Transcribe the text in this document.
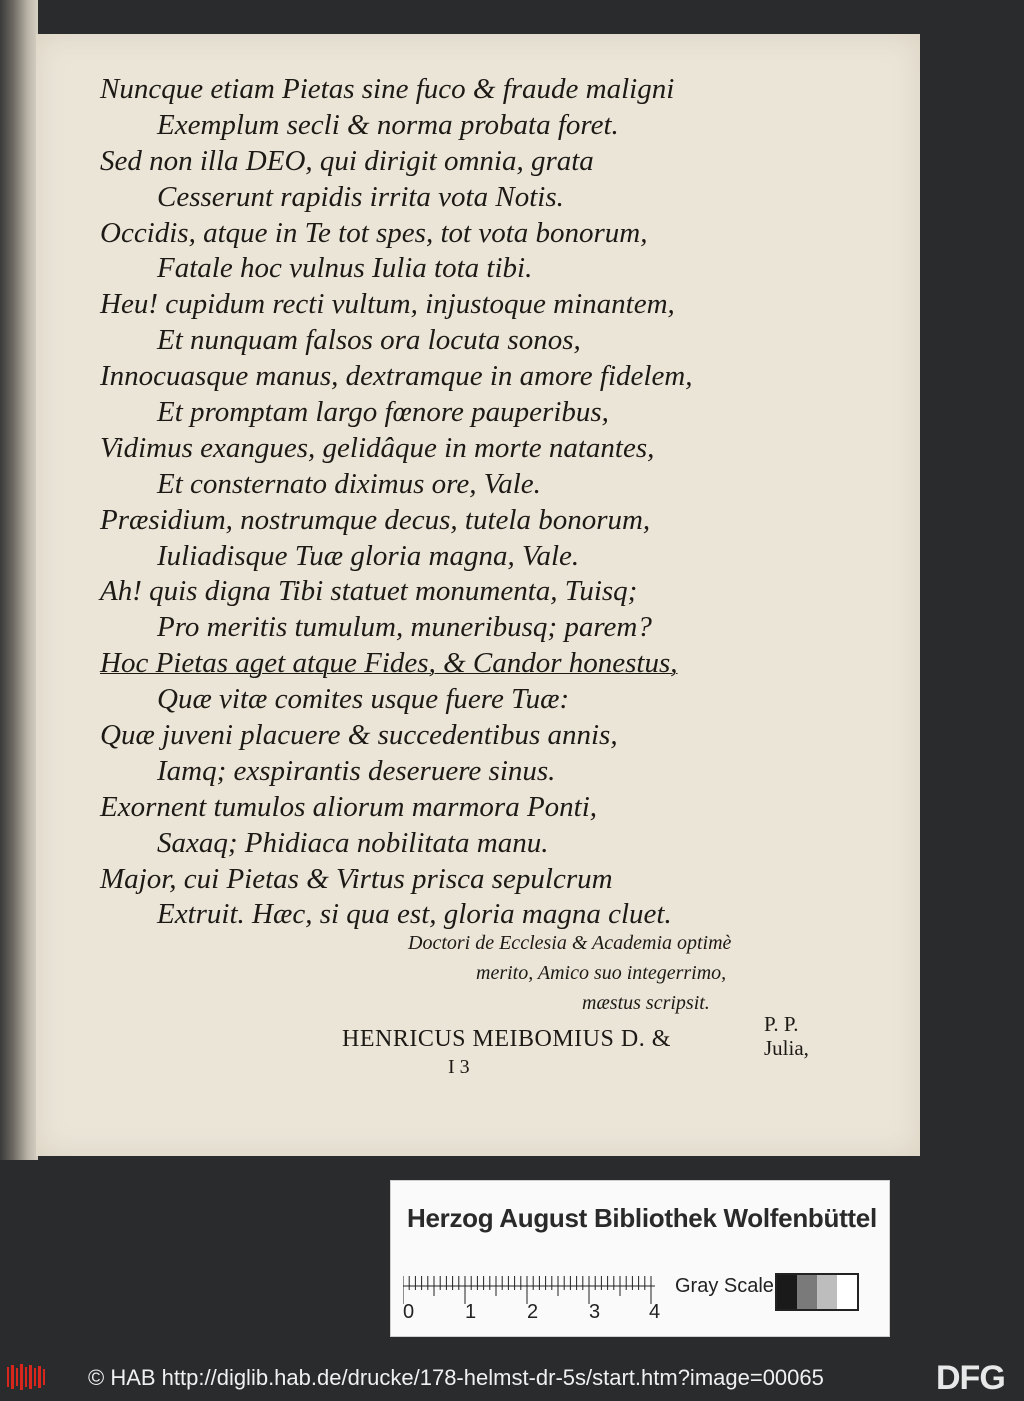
Nuncque etiam Pietas sine fuco & fraude maligni
Exemplum secli & norma probata foret.
Sed non illa DEO, qui dirigit omnia, grata
Cesserunt rapidis irrita vota Notis.
Occidis, atque in Te tot spes, tot vota bonorum,
Fatale hoc vulnus Iulia tota tibi.
Heu! cupidum recti vultum, injustoque minantem,
Et nunquam falsos ora locuta sonos,
Innocuasque manus, dextramque in amore fidelem,
Et promptam largo fœnore pauperibus,
Vidimus exangues, gelidâque in morte natantes,
Et consternato diximus ore, Vale.
Præsidium, nostrumque decus, tutela bonorum,
Iuliadisque Tuæ gloria magna, Vale.
Ah! quis digna Tibi statuet monumenta, Tuisq;
Pro meritis tumulum, muneribusq; parem?
Hoc Pietas aget atque Fides, & Candor honestus,
Quæ vitæ comites usque fuere Tuæ:
Quæ juveni placuere & succedentibus annis,
Iamq; exspirantis deseruere sinus.
Exornent tumulos aliorum marmora Ponti,
Saxaq; Phidiaca nobilitata manu.
Major, cui Pietas & Virtus prisca sepulcrum
Extruit. Hæc, si qua est, gloria magna cluet.
Doctori de Ecclesia & Academia optimè
merito, Amico suo integerrimo,
mæstus scripsit.
HENRICUS MEIBOMIUS D. &
P. P.
Julia,
I 3
Herzog August Bibliothek Wolfenbüttel
0	1	2	3 4
Gray Scale
© HAB http://diglib.hab.de/drucke/178-helmst-dr-5s/start.htm?image=00065	DFG
